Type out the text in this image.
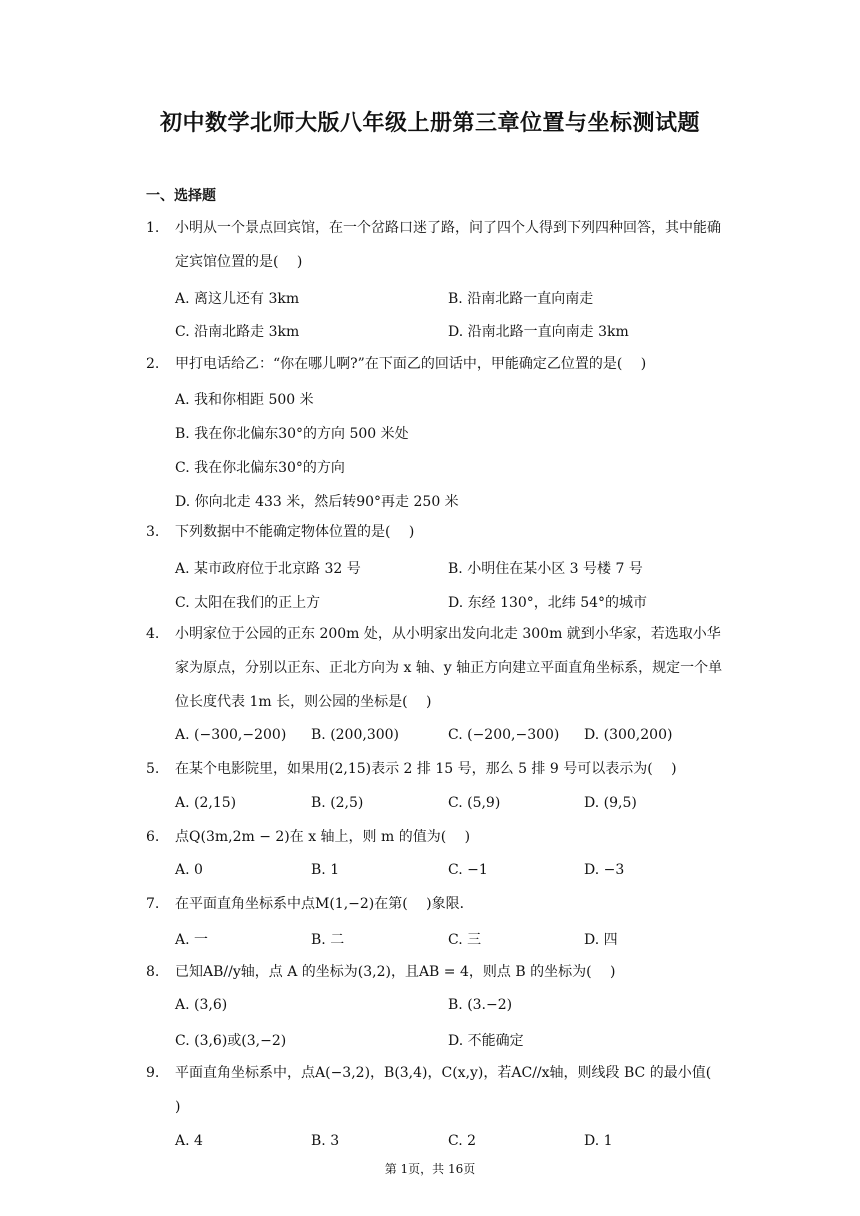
初中数学北师大版八年级上册第三章位置与坐标测试题
一、选择题
1.	小明从一个景点回宾馆，在一个岔路口迷了路，问了四个人得到下列四种回答，其中能确定宾馆位置的是(　 )
A. 离这儿还有 3km	B. 沿南北路一直向南走
C. 沿南北路走 3km	D. 沿南北路一直向南走 3km
2.	甲打电话给乙：“你在哪儿啊?”在下面乙的回话中，甲能确定乙位置的是(　 )
A. 我和你相距 500 米
B. 我在你北偏东30°的方向 500 米处
C. 我在你北偏东30°的方向
D. 你向北走 433 米，然后转90°再走 250 米
3.	下列数据中不能确定物体位置的是(　 )
A. 某市政府位于北京路 32 号	B. 小明住在某小区 3 号楼 7 号
C. 太阳在我们的正上方	D. 东经 130°，北纬 54°的城市
4.	小明家位于公园的正东 200m 处，从小明家出发向北走 300m 就到小华家，若选取小华家为原点，分别以正东、正北方向为 x 轴、y 轴正方向建立平面直角坐标系，规定一个单位长度代表 1m 长，则公园的坐标是(　 )
A. (−300,−200) B. (200,300)	C. (−200,−300) D. (300,200)
5.	在某个电影院里，如果用(2,15)表示 2 排 15 号，那么 5 排 9 号可以表示为(　 )
A. (2,15)	B. (2,5)	C. (5,9)	D. (9,5)
6.	点Q(3m,2m − 2)在 x 轴上，则 m 的值为(　 )
A. 0	B. 1	C. −1	D. −3
7.	在平面直角坐标系中点M(1,−2)在第(　 )象限．
A. 一	B. 二	C. 三	D. 四
8.	已知AB//y轴，点 A 的坐标为(3,2)，且AB = 4，则点 B 的坐标为(　 )
A. (3,6)	B. (3.−2)
C. (3,6)或(3,−2)	D. 不能确定
9.	平面直角坐标系中，点A(−3,2)，B(3,4)，C(x,y)，若AC//x轴，则线段 BC 的最小值(　 )
A. 4	B. 3	C. 2	D. 1
第 1页，共 16页
